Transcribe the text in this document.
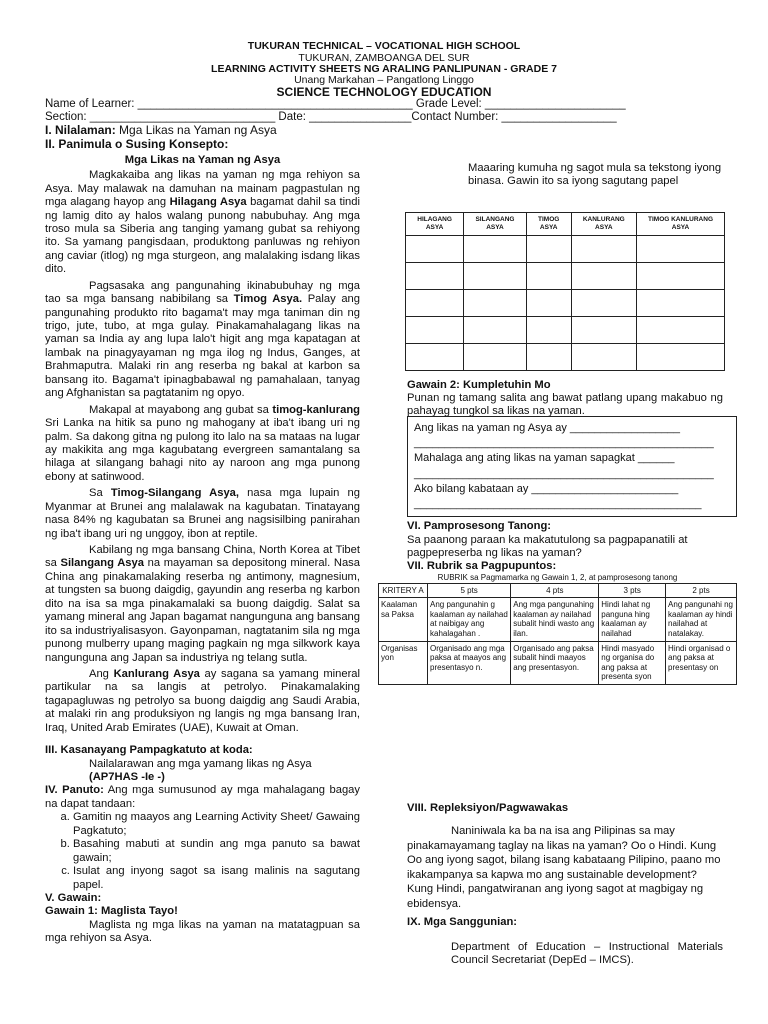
TUKURAN TECHNICAL – VOCATIONAL HIGH SCHOOL
TUKURAN, ZAMBOANGA DEL SUR
LEARNING ACTIVITY SHEETS NG ARALING PANLIPUNAN - GRADE 7
Unang Markahan – Pangatlong Linggo
SCIENCE TECHNOLOGY EDUCATION
Name of Learner: ___________________________________________ Grade Level: ______________________
Section: _____________________________ Date: ________________Contact Number: __________________
I. Nilalaman: Mga Likas na Yaman ng Asya
II. Panimula o Susing Konsepto:
Mga Likas na Yaman ng Asya

Magkakaiba ang likas na yaman ng mga rehiyon sa Asya. May malawak na damuhan na mainam pagpastulan ng mga alagang hayop ang Hilagang Asya bagamat dahil sa tindi ng lamig dito ay halos walang punong nabubuhay. Ang mga troso mula sa Siberia ang tanging yamang gubat sa rehiyong ito. Sa yamang pangisdaan, produktong panluwas ng rehiyon ang caviar (itlog) ng mga sturgeon, ang malalaking isdang likas dito.

Pagsasaka ang pangunahing ikinabubuhay ng mga tao sa mga bansang nabibilang sa Timog Asya. Palay ang pangunahing produkto rito bagama't may mga taniman din ng trigo, jute, tubo, at mga gulay. Pinakamahalagang likas na yaman sa India ay ang lupa lalo't higit ang mga kapatagan at lambak na pinagyayaman ng mga ilog ng Indus, Ganges, at Brahmaputra. Malaki rin ang reserba ng bakal at karbon sa bansang ito. Bagama't ipinagbabawal ng pamahalaan, tanyag ang Afghanistan sa pagtatanim ng opyo.

Makapal at mayabong ang gubat sa timog-kanlurang Sri Lanka na hitik sa puno ng mahogany at iba't ibang uri ng palm. Sa dakong gitna ng pulong ito lalo na sa mataas na lugar ay makikita ang mga kagubatang evergreen samantalang sa hilaga at silangang bahagi nito ay naroon ang mga punong ebony at satinwood.

Sa Timog-Silangang Asya, nasa mga lupain ng Myanmar at Brunei ang malalawak na kagubatan. Tinatayang nasa 84% ng kagubatan sa Brunei ang nagsisilbing panirahan ng iba't ibang uri ng unggoy, ibon at reptile.

Kabilang ng mga bansang China, North Korea at Tibet sa Silangang Asya na mayaman sa depositong mineral. Nasa China ang pinakamalaking reserba ng antimony, magnesium, at tungsten sa buong daigdig, gayundin ang reserba ng karbon dito na isa sa mga pinakamalaki sa buong daigdig. Salat sa yamang mineral ang Japan bagamat nangunguna ang bansang ito sa industriyalisasyon. Gayonpaman, nagtatanim sila ng mga punong mulberry upang maging pagkain ng mga silkwork kaya nangunguna ang Japan sa industriya ng telang sutla.

Ang Kanlurang Asya ay sagana sa yamang mineral partikular na sa langis at petrolyo. Pinakamalaking tagapagluwas ng petrolyo sa buong daigdig ang Saudi Arabia, at malaki rin ang produksiyon ng langis ng mga bansang Iran, Iraq, United Arab Emirates (UAE), Kuwait at Oman.

III. Kasanayang Pampagkatuto at koda:
Nailalarawan ang mga yamang likas ng Asya
(AP7HAS -Ie -)
IV. Panuto: Ang mga sumusunod ay mga mahalagang bagay na dapat tandaan:
a. Gamitin ng maayos ang Learning Activity Sheet/ Gawaing Pagkatuto;
b. Basahing mabuti at sundin ang mga panuto sa bawat gawain;
c. Isulat ang inyong sagot sa isang malinis na sagutang papel.
V. Gawain:
Gawain 1: Maglista Tayo!

Maglista ng mga likas na yaman na matatagpuan sa mga rehiyon sa Asya.

Maaaring kumuha ng sagot mula sa tekstong iyong binasa. Gawin ito sa iyong sagutang papel
HILAGANG ASYA	SILANGANG ASYA	TIMOG ASYA	KANLURANG ASYA	TIMOG KANLURANG ASYA

Gawain 2: Kumpletuhin Mo
Punan ng tamang salita ang bawat patlang upang makabuo ng pahayag tungkol sa likas na yaman.
Ang likas na yaman ng Asya ay __________________
_________________________________________________
Mahalaga ang ating likas na yaman sapagkat ______
_________________________________________________
Ako bilang kabataan ay ________________________
_______________________________________________
VI. Pamprosesong Tanong:
Sa paanong paraan ka makatutulong sa pagpapanatili at pagpepreserba ng likas na yaman?
VII. Rubrik sa Pagpupuntos:
RUBRIK sa Pagmamarka ng Gawain 1, 2, at pamprosesong tanong				
KRITERY A	5 pts	4 pts	3 pts	2 pts
Kaalaman sa Paksa	Ang pangunahin g kaalaman ay nailahad at naibigay ang kahalagahan .	Ang mga pangunahing kaalaman ay nailahad subalit hindi wasto ang ilan.	Hindi lahat ng panguna hing kaalaman ay nailahad	Ang pangunahi ng kaalaman ay hindi nailahad at natalakay.
Organisas yon	Organisado ang mga paksa at maayos ang presentasyo n.	Organisado ang paksa subalit hindi maayos ang presentasyon.	Hindi masyado ng organisa do ang paksa at presenta syon	Hindi organisad o ang paksa at presentasy on
VIII. Repleksiyon/Pagwawakas
Naniniwala ka ba na isa ang Pilipinas sa may pinakamayamang taglay na likas na yaman? Oo o Hindi. Kung Oo ang iyong sagot, bilang isang kabataang Pilipino, paano mo ikakampanya sa kapwa mo ang sustainable development? Kung Hindi, pangatwiranan ang iyong sagot at magbigay ng ebidensya.
IX. Mga Sanggunian:
Department of Education – Instructional Materials Council Secretariat (DepEd – IMCS).
